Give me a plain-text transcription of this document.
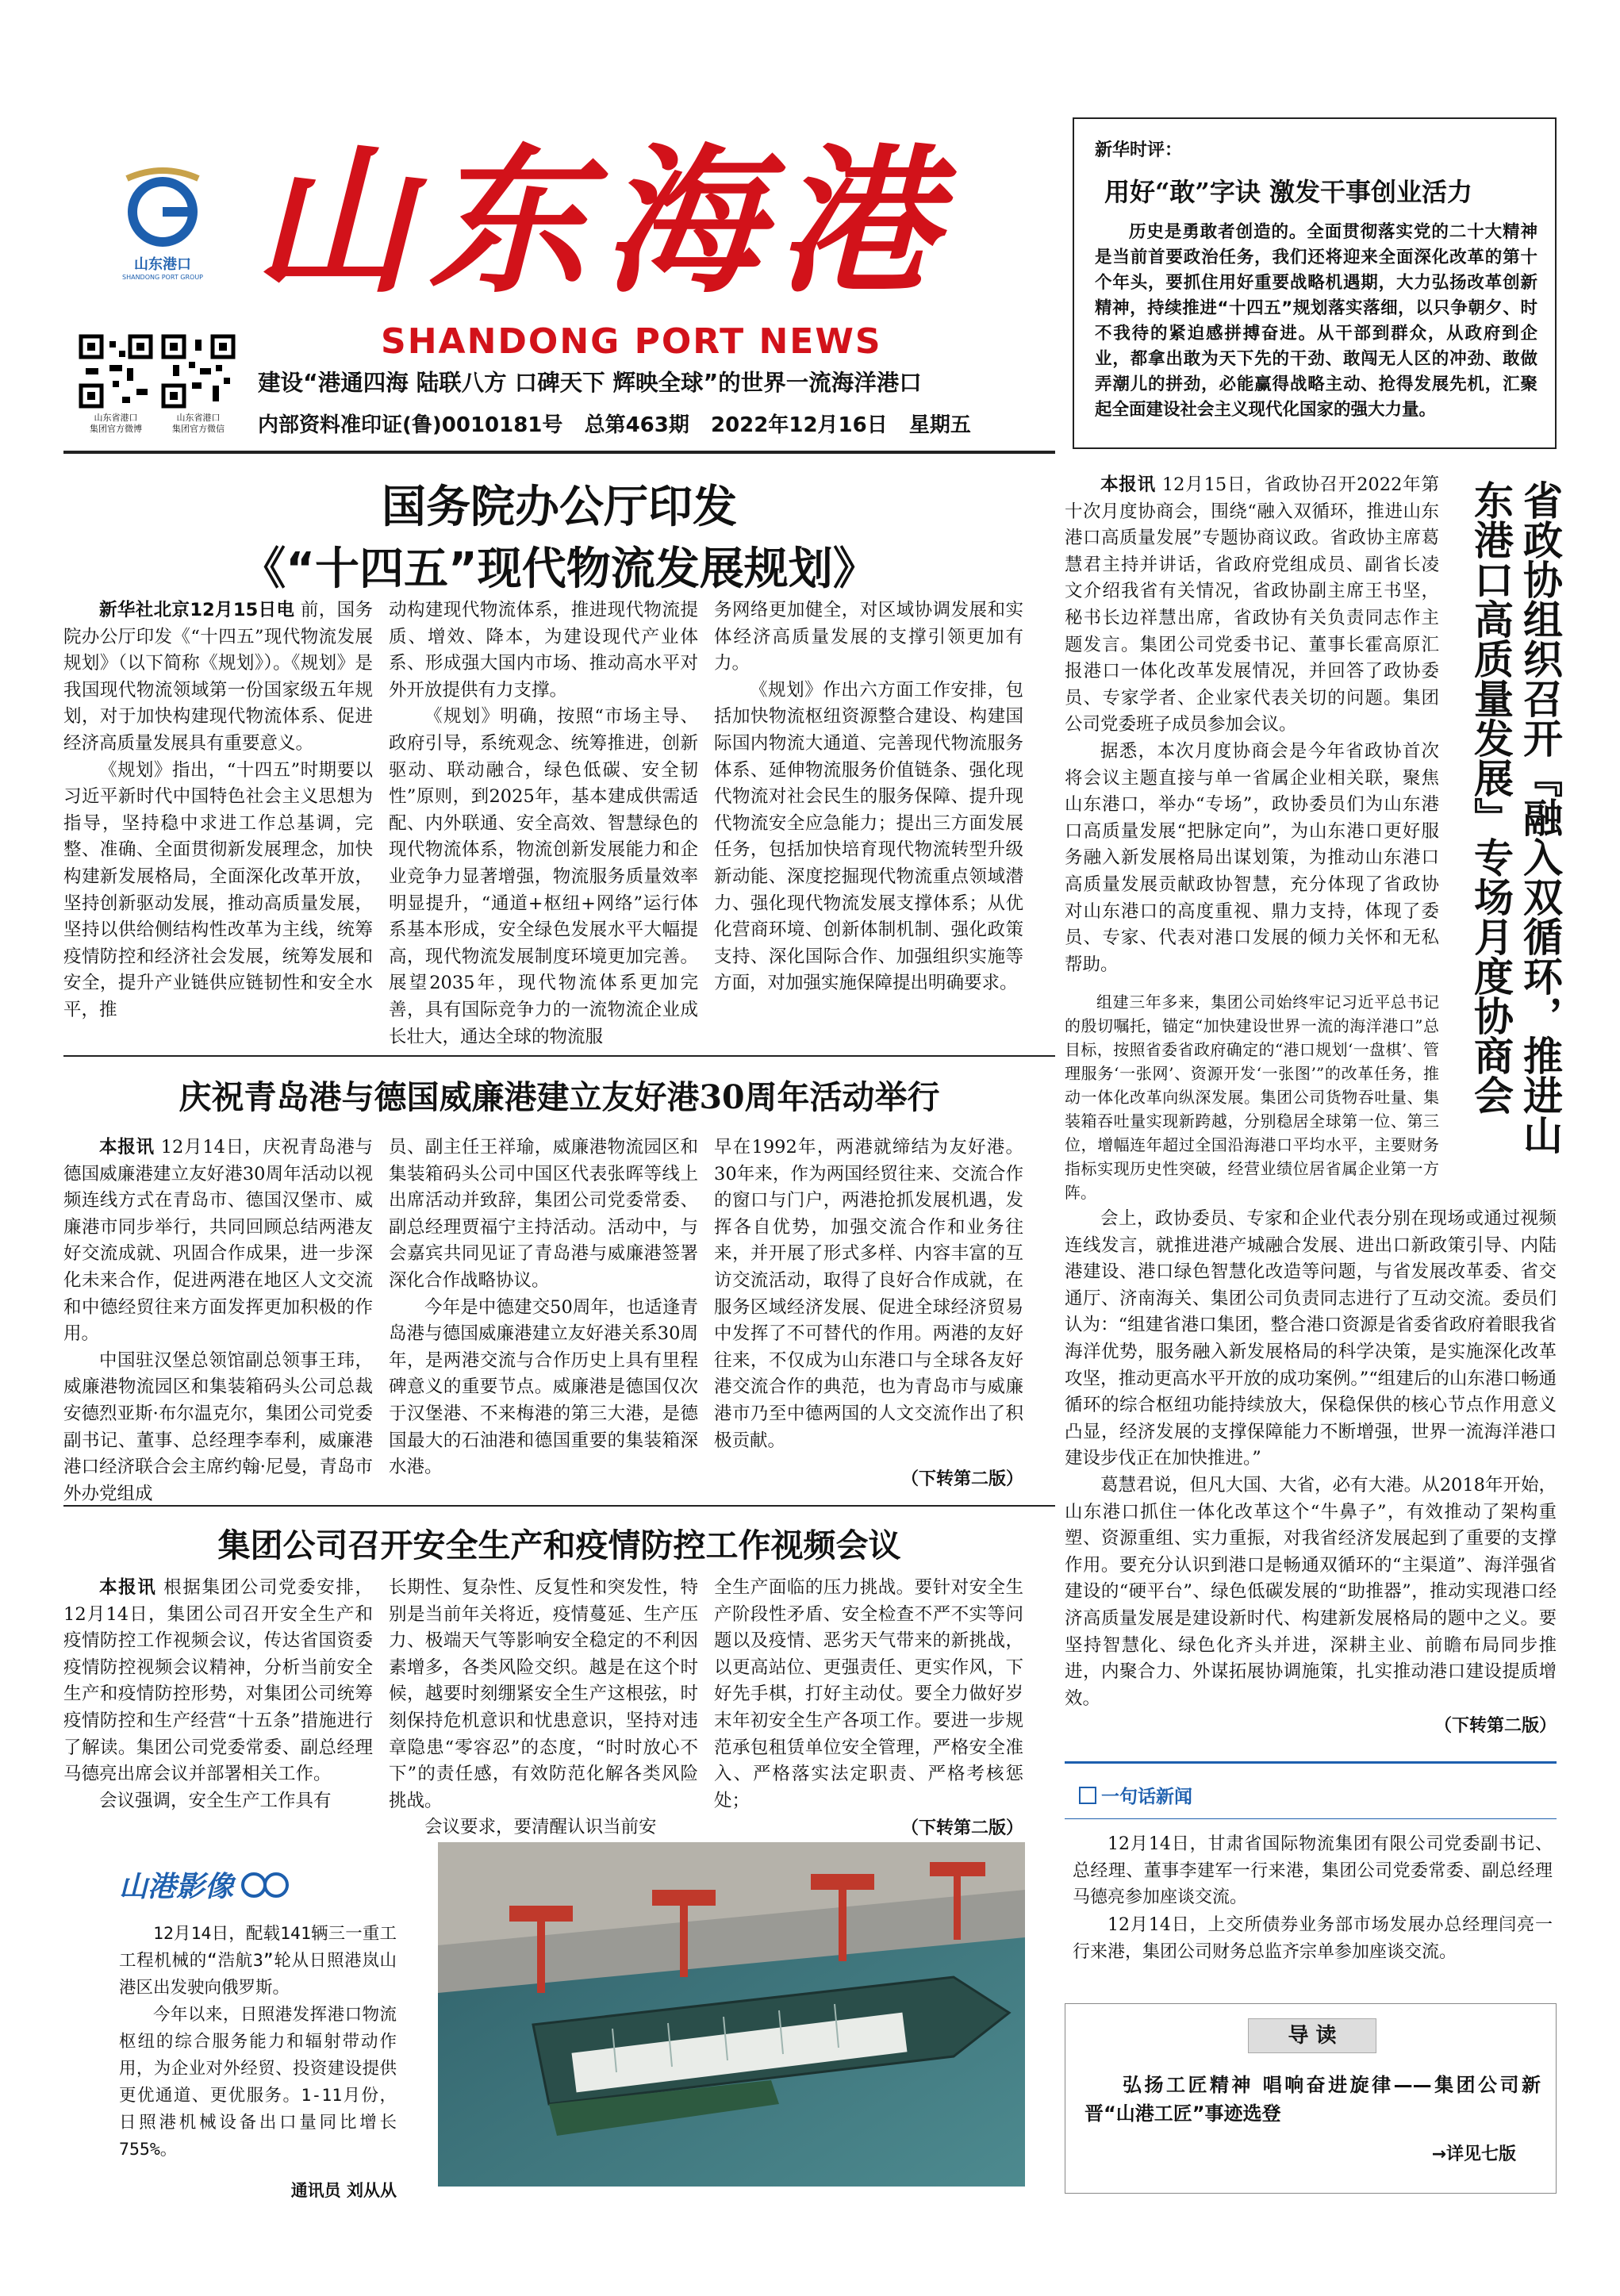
山东港口
SHANDONG PORT GROUP 山东海港
SHANDONG PORT NEWS
山东省港口
集团官方微博
山东省港口
集团官方微信
建设“港通四海 陆联八方 口碑天下 辉映全球”的世界一流海洋港口
内部资料准印证(鲁)0010181号 总第463期 2022年12月16日 星期五
新华时评：
用好“敢”字诀 激发干事创业活力

历史是勇敢者创造的。全面贯彻落实党的二十大精神是当前首要政治任务，我们还将迎来全面深化改革的第十个年头，要抓住用好重要战略机遇期，大力弘扬改革创新精神，持续推进“十四五”规划落实落细，以只争朝夕、时不我待的紧迫感拼搏奋进。从干部到群众，从政府到企业，都拿出敢为天下先的干劲、敢闯无人区的冲劲、敢做弄潮儿的拼劲，必能赢得战略主动、抢得发展先机，汇聚起全面建设社会主义现代化国家的强大力量。

国务院办公厅印发
《“十四五”现代物流发展规划》

新华社北京12月15日电 前，国务院办公厅印发《“十四五”现代物流发展规划》（以下简称《规划》）。《规划》是我国现代物流领域第一份国家级五年规划，对于加快构建现代物流体系、促进经济高质量发展具有重要意义。

《规划》指出，“十四五”时期要以习近平新时代中国特色社会主义思想为指导，坚持稳中求进工作总基调，完整、准确、全面贯彻新发展理念，加快构建新发展格局，全面深化改革开放，坚持创新驱动发展，推动高质量发展，坚持以供给侧结构性改革为主线，统筹疫情防控和经济社会发展，统筹发展和安全，提升产业链供应链韧性和安全水平，推

动构建现代物流体系，推进现代物流提质、增效、降本，为建设现代产业体系、形成强大国内市场、推动高水平对外开放提供有力支撑。

《规划》明确，按照“市场主导、政府引导，系统观念、统筹推进，创新驱动、联动融合，绿色低碳、安全韧性”原则，到2025年，基本建成供需适配、内外联通、安全高效、智慧绿色的现代物流体系，物流创新发展能力和企业竞争力显著增强，物流服务质量效率明显提升，“通道+枢纽+网络”运行体系基本形成，安全绿色发展水平大幅提高，现代物流发展制度环境更加完善。展望2035年，现代物流体系更加完善，具有国际竞争力的一流物流企业成长壮大，通达全球的物流服

务网络更加健全，对区域协调发展和实体经济高质量发展的支撑引领更加有力。

《规划》作出六方面工作安排，包括加快物流枢纽资源整合建设、构建国际国内物流大通道、完善现代物流服务体系、延伸物流服务价值链条、强化现代物流对社会民生的服务保障、提升现代物流安全应急能力；提出三方面发展任务，包括加快培育现代物流转型升级新动能、深度挖掘现代物流重点领域潜力、强化现代物流发展支撑体系；从优化营商环境、创新体制机制、强化政策支持、深化国际合作、加强组织实施等方面，对加强实施保障提出明确要求。

庆祝青岛港与德国威廉港建立友好港30周年活动举行

本报讯 12月14日，庆祝青岛港与德国威廉港建立友好港30周年活动以视频连线方式在青岛市、德国汉堡市、威廉港市同步举行，共同回顾总结两港友好交流成就、巩固合作成果，进一步深化未来合作，促进两港在地区人文交流和中德经贸往来方面发挥更加积极的作用。

中国驻汉堡总领馆副总领事王玮，威廉港物流园区和集装箱码头公司总裁安德烈亚斯·布尔温克尔，集团公司党委副书记、董事、总经理李奉利，威廉港港口经济联合会主席约翰·尼曼，青岛市外办党组成

员、副主任王祥瑜，威廉港物流园区和集装箱码头公司中国区代表张晖等线上出席活动并致辞，集团公司党委常委、副总经理贾福宁主持活动。活动中，与会嘉宾共同见证了青岛港与威廉港签署深化合作战略协议。

今年是中德建交50周年，也适逢青岛港与德国威廉港建立友好港关系30周年，是两港交流与合作历史上具有里程碑意义的重要节点。威廉港是德国仅次于汉堡港、不来梅港的第三大港，是德国最大的石油港和德国重要的集装箱深水港。

早在1992年，两港就缔结为友好港。30年来，作为两国经贸往来、交流合作的窗口与门户，两港抢抓发展机遇，发挥各自优势，加强交流合作和业务往来，并开展了形式多样、内容丰富的互访交流活动，取得了良好合作成就，在服务区域经济发展、促进全球经济贸易中发挥了不可替代的作用。两港的友好往来，不仅成为山东港口与全球各友好港交流合作的典范，也为青岛市与威廉港市乃至中德两国的人文交流作出了积极贡献。

（下转第二版）
集团公司召开安全生产和疫情防控工作视频会议

本报讯 根据集团公司党委安排，12月14日，集团公司召开安全生产和疫情防控工作视频会议，传达省国资委疫情防控视频会议精神，分析当前安全生产和疫情防控形势，对集团公司统筹疫情防控和生产经营“十五条”措施进行了解读。集团公司党委常委、副总经理马德亮出席会议并部署相关工作。

会议强调，安全生产工作具有

长期性、复杂性、反复性和突发性，特别是当前年关将近，疫情蔓延、生产压力、极端天气等影响安全稳定的不利因素增多，各类风险交织。越是在这个时候，越要时刻绷紧安全生产这根弦，时刻保持危机意识和忧患意识，坚持对违章隐患“零容忍”的态度，“时时放心不下”的责任感，有效防范化解各类风险挑战。

会议要求，要清醒认识当前安

全生产面临的压力挑战。要针对安全生产阶段性矛盾、安全检查不严不实等问题以及疫情、恶劣天气带来的新挑战，以更高站位、更强责任、更实作风，下好先手棋，打好主动仗。要全力做好岁末年初安全生产各项工作。要进一步规范承包租赁单位安全管理，严格安全准入、严格落实法定职责、严格考核惩处；

（下转第二版）
山港影像

12月14日，配载141辆三一重工工程机械的“浩航3”轮从日照港岚山港区出发驶向俄罗斯。

今年以来，日照港发挥港口物流枢纽的综合服务能力和辐射带动作用，为企业对外经贸、投资建设提供更优通道、更优服务。1-11月份，日照港机械设备出口量同比增长755%。

通讯员 刘从从
省政协组织召开『融入双循环，推进山东港口高质量发展』专场月度协商会

本报讯 12月15日，省政协召开2022年第十次月度协商会，围绕“融入双循环，推进山东港口高质量发展”专题协商议政。省政协主席葛慧君主持并讲话，省政府党组成员、副省长凌文介绍我省有关情况，省政协副主席王书坚，秘书长边祥慧出席，省政协有关负责同志作主题发言。集团公司党委书记、董事长霍高原汇报港口一体化改革发展情况，并回答了政协委员、专家学者、企业家代表关切的问题。集团公司党委班子成员参加会议。

据悉，本次月度协商会是今年省政协首次将会议主题直接与单一省属企业相关联，聚焦山东港口，举办“专场”，政协委员们为山东港口高质量发展“把脉定向”，为山东港口更好服务融入新发展格局出谋划策，为推动山东港口高质量发展贡献政协智慧，充分体现了省政协对山东港口的高度重视、鼎力支持，体现了委员、专家、代表对港口发展的倾力关怀和无私帮助。

会上，政协委员、专家和企业代表分别在现场或通过视频连线发言，就推进港产城融合发展、进出口新政策引导、内陆港建设、港口绿色智慧化改造等问题，与省发展改革委、省交通厅、济南海关、集团公司负责同志进行了互动交流。委员们认为：“组建省港口集团，整合港口资源是省委省政府着眼我省海洋优势，服务融入新发展格局的科学决策，是实施深化改革攻坚，推动更高水平开放的成功案例。”“组建后的山东港口畅通循环的综合枢纽功能持续放大，保稳保供的核心节点作用意义凸显，经济发展的支撑保障能力不断增强，世界一流海洋港口建设步伐正在加快推进。”

葛慧君说，但凡大国、大省，必有大港。从2018年开始，山东港口抓住一体化改革这个“牛鼻子”，有效推动了架构重塑、资源重组、实力重振，对我省经济发展起到了重要的支撑作用。要充分认识到港口是畅通双循环的“主渠道”、海洋强省建设的“硬平台”、绿色低碳发展的“助推器”，推动实现港口经济高质量发展是建设新时代、构建新发展格局的题中之义。要坚持智慧化、绿色化齐头并进，深耕主业、前瞻布局同步推进，内聚合力、外谋拓展协调施策，扎实推动港口建设提质增效。

（下转第二版）

组建三年多来，集团公司始终牢记习近平总书记的殷切嘱托，锚定“加快建设世界一流的海洋港口”总目标，按照省委省政府确定的“港口规划‘一盘棋’、管理服务‘一张网’、资源开发‘一张图’”的改革任务，推动一体化改革向纵深发展。集团公司货物吞吐量、集装箱吞吐量实现新跨越，分别稳居全球第一位、第三位，增幅连年超过全国沿海港口平均水平，主要财务指标实现历史性突破，经营业绩位居省属企业第一方阵。

一句话新闻

12月14日，甘肃省国际物流集团有限公司党委副书记、总经理、董事李建军一行来港，集团公司党委常委、副总经理马德亮参加座谈交流。

12月14日，上交所债券业务部市场发展办总经理闫亮一行来港，集团公司财务总监齐宗单参加座谈交流。

导 读

弘扬工匠精神 唱响奋进旋律——集团公司新晋“山港工匠”事迹选登

→详见七版
